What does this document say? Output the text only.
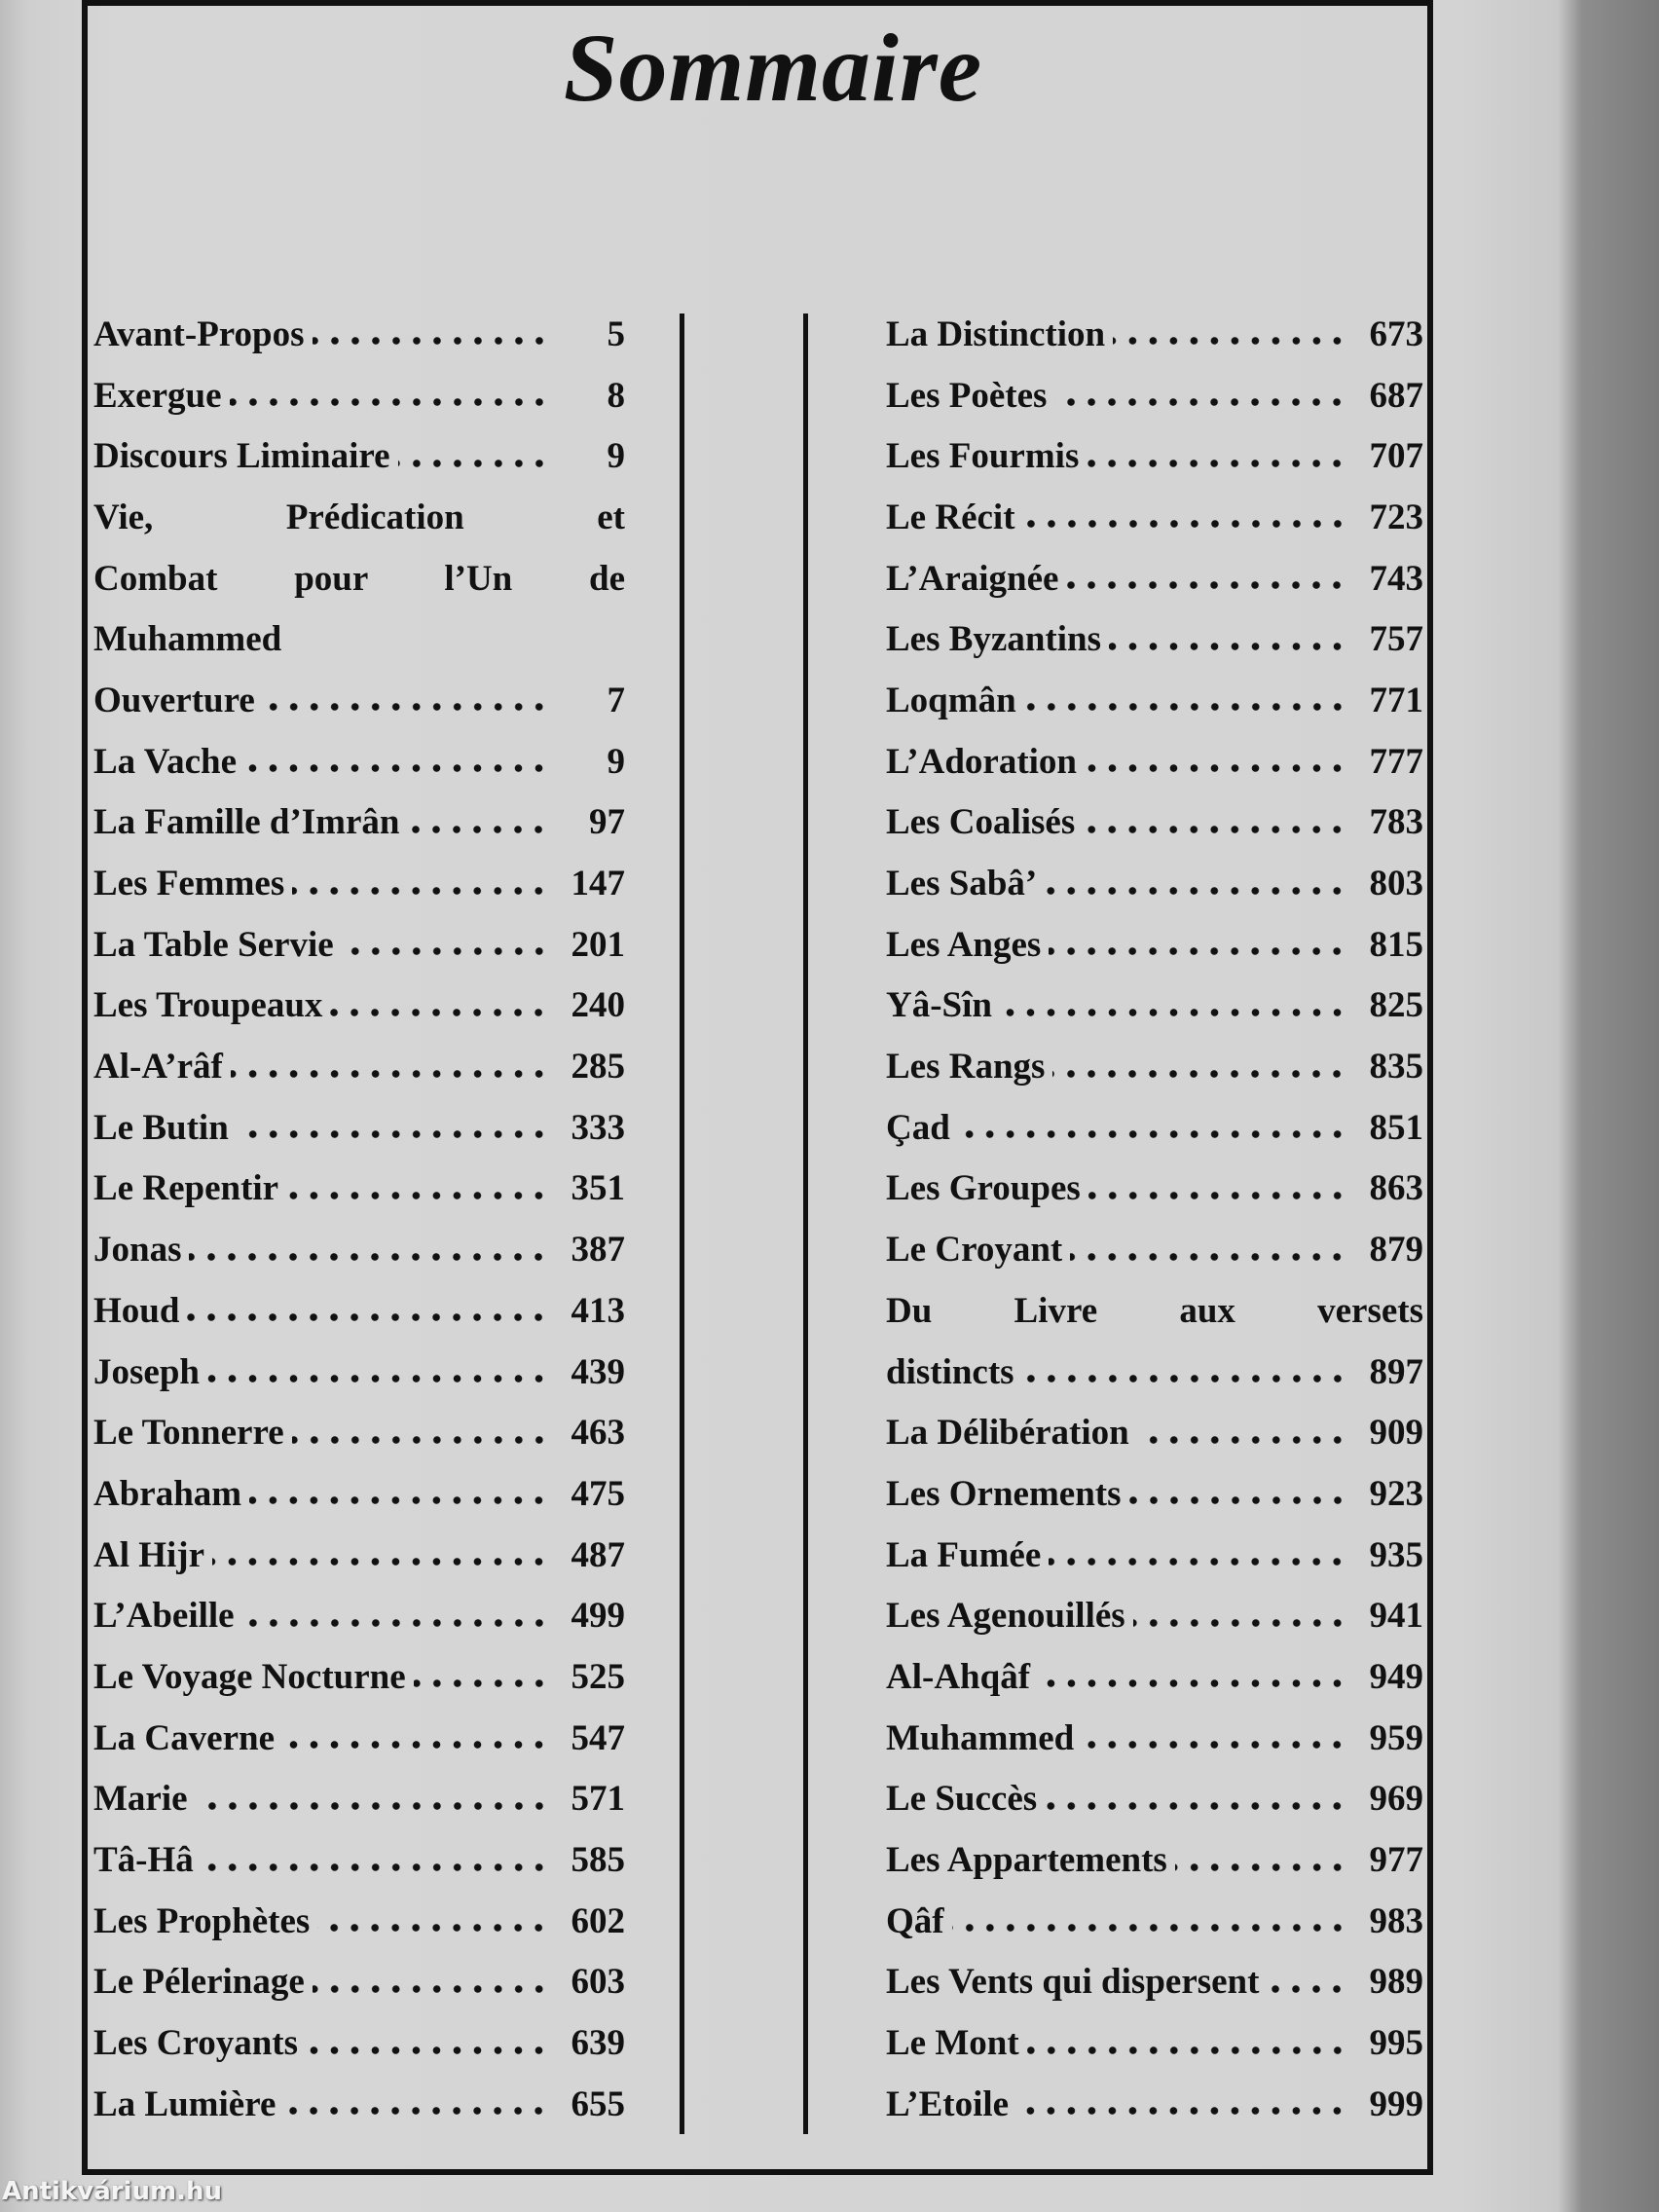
Sommaire
Avant-Propos	5
Exergue	8
Discours Liminaire	9
Vie, Prédication et
Combat pour l’Un de
Muhammed
Ouverture	7
La Vache	9
La Famille d’Imrân	97
Les Femmes	147
La Table Servie	201
Les Troupeaux	240
Al-A’râf	285
Le Butin	333
Le Repentir	351
Jonas	387
Houd	413
Joseph	439
Le Tonnerre	463
Abraham	475
Al Hijr	487
L’Abeille	499
Le Voyage Nocturne	525
La Caverne	547
Marie	571
Tâ-Hâ	585
Les Prophètes	602
Le Pélerinage	603
Les Croyants	639
La Lumière	655
La Distinction	673
Les Poètes	687
Les Fourmis	707
Le Récit	723
L’Araignée	743
Les Byzantins	757
Loqmân	771
L’Adoration	777
Les Coalisés	783
Les Sabâ’	803
Les Anges	815
Yâ-Sîn	825
Les Rangs	835
Çad	851
Les Groupes	863
Le Croyant	879
Du Livre aux versets
distincts	897
La Délibération	909
Les Ornements	923
La Fumée	935
Les Agenouillés	941
Al-Ahqâf	949
Muhammed	959
Le Succès	969
Les Appartements	977
Qâf	983
Les Vents qui dispersent	989
Le Mont	995
L’Etoile	999
Antikvárium.hu
